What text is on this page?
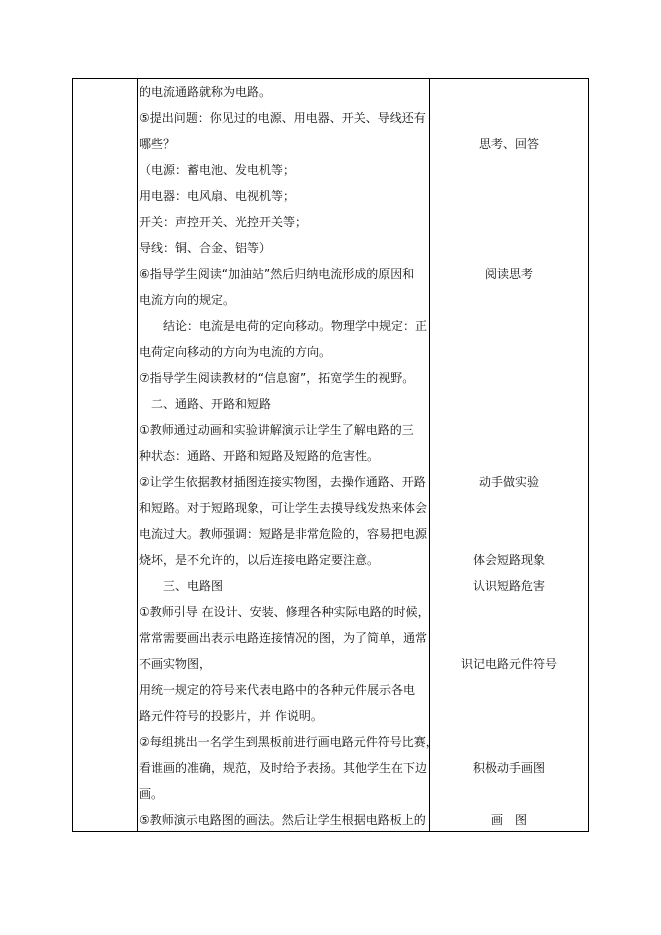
的电流通路就称为电路。
⑤提出问题：你见过的电源、用电器、开关、导线还有
哪些？
（电源：蓄电池、发电机等；
用电器：电风扇、电视机等；
开关：声控开关、光控开关等；
导线：铜、合金、铝等）
⑥指导学生阅读“加油站”然后归纳电流形成的原因和
电流方向的规定。
　　结论：电流是电荷的定向移动。物理学中规定：正
电荷定向移动的方向为电流的方向。
⑦指导学生阅读教材的“信息窗”，拓宽学生的视野。
　二、通路、开路和短路
①教师通过动画和实验讲解演示让学生了解电路的三
种状态：通路、开路和短路及短路的危害性。
②让学生依据教材插图连接实物图，去操作通路、开路
和短路。对于短路现象，可让学生去摸导线发热来体会
电流过大。教师强调：短路是非常危险的，容易把电源
烧坏，是不允许的，以后连接电路定要注意。
　　三、电路图
①教师引导 在设计、安装、修理各种实际电路的时候，
常常需要画出表示电路连接情况的图，为了简单，通常
不画实物图，
用统一规定的符号来代表电路中的各种元件展示各电
路元件符号的投影片，并 作说明。
②每组挑出一名学生到黑板前进行画电路元件符号比赛，
看谁画的准确，规范，及时给予表扬。其他学生在下边
画。
⑤教师演示电路图的画法。然后让学生根据电路板上的
思考、回答
阅读思考
动手做实验
体会短路现象
认识短路危害
识记电路元件符号
积极动手画图
画　图
